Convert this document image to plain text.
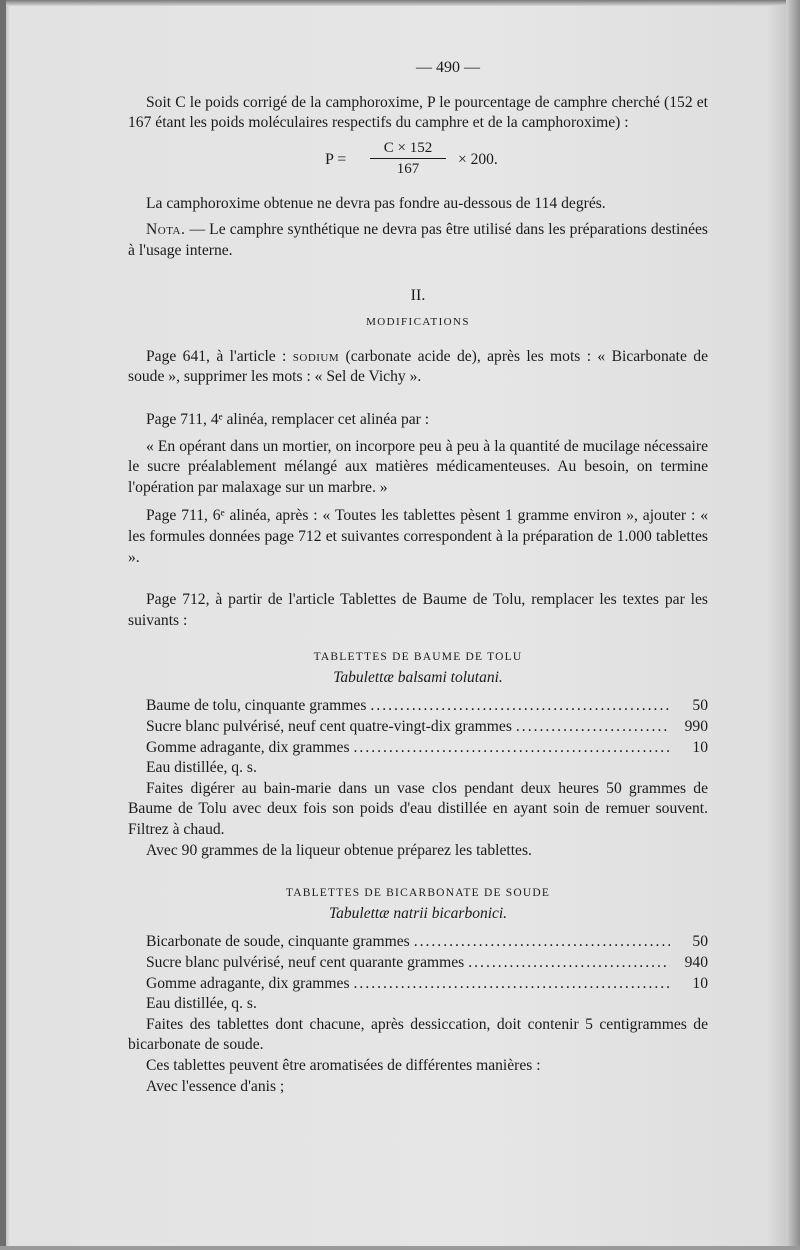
— 490 —

Soit C le poids corrigé de la camphoroxime, P le pourcentage de camphre cherché (152 et 167 étant les poids moléculaires respectifs du camphre et de la camphoroxime) :

$P = \frac{C \times 152}{167} \times 200$.

La camphoroxime obtenue ne devra pas fondre au-dessous de 114 degrés.

Nota. — Le camphre synthétique ne devra pas être utilisé dans les préparations destinées à l'usage interne.

II.
MODIFICATIONS

Page 641, à l'article : sodium (carbonate acide de), après les mots : « Bicarbonate de soude », supprimer les mots : « Sel de Vichy ».

Page 711, 4ᵉ alinéa, remplacer cet alinéa par :

« En opérant dans un mortier, on incorpore peu à peu à la quantité de mucilage nécessaire le sucre préalablement mélangé aux matières médicamenteuses. Au besoin, on termine l'opération par malaxage sur un marbre. »

Page 711, 6ᵉ alinéa, après : « Toutes les tablettes pèsent 1 gramme environ », ajouter : « les formules données page 712 et suivantes correspondent à la préparation de 1.000 tablettes ».

Page 712, à partir de l'article Tablettes de Baume de Tolu, remplacer les textes par les suivants :

TABLETTES DE BAUME DE TOLU
Tabulettæ balsami tolutani.
Baume de tolu, cinquante grammes .....	50
Sucre blanc pulvérisé, neuf cent quatre-vingt-dix grammes .....	990
Gomme adragante, dix grammes .....	10
Eau distillée, q. s.

Faites digérer au bain-marie dans un vase clos pendant deux heures 50 grammes de Baume de Tolu avec deux fois son poids d'eau distillée en ayant soin de remuer souvent. Filtrez à chaud.

Avec 90 grammes de la liqueur obtenue préparez les tablettes.

TABLETTES DE BICARBONATE DE SOUDE
Tabulettæ natrii bicarbonici.
Bicarbonate de soude, cinquante grammes .....	50
Sucre blanc pulvérisé, neuf cent quarante grammes .....	940
Gomme adragante, dix grammes .....	10
Eau distillée, q. s.

Faites des tablettes dont chacune, après dessiccation, doit contenir 5 centigrammes de bicarbonate de soude.

Ces tablettes peuvent être aromatisées de différentes manières :

Avec l'essence d'anis ;
